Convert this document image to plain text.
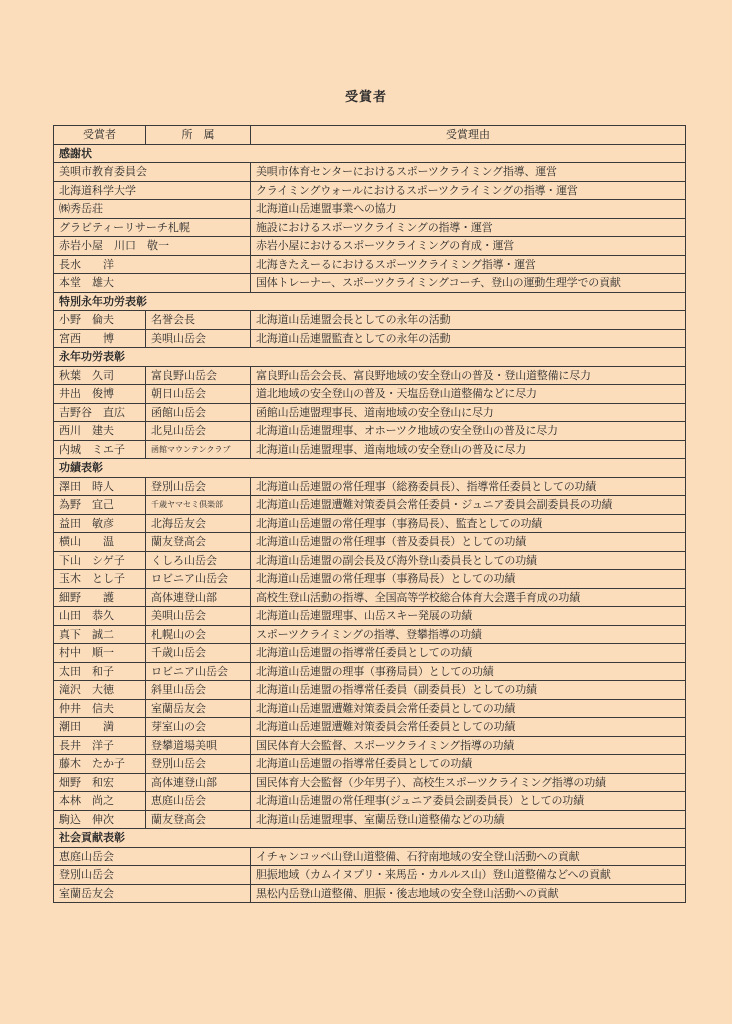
受賞者
受賞者	所　属	受賞理由
感謝状		
美唄市教育委員会		美唄市体育センターにおけるスポーツクライミング指導、運営
北海道科学大学		クライミングウォールにおけるスポーツクライミングの指導・運営
㈱秀岳荘		北海道山岳連盟事業への協力
グラビティーリサーチ札幌		施設におけるスポーツクライミングの指導・運営
赤岩小屋　川口　敬一		赤岩小屋におけるスポーツクライミングの育成・運営
長水　　洋		北海きたえーるにおけるスポーツクライミング指導・運営
本堂　雄大		国体トレーナー、スポーツクライミングコーチ、登山の運動生理学での貢献
特別永年功労表彰		
小野　倫夫	名誉会長	北海道山岳連盟会長としての永年の活動
宮西　　博	美唄山岳会	北海道山岳連盟監査としての永年の活動
永年功労表彰		
秋葉　久司	富良野山岳会	富良野山岳会会長、富良野地域の安全登山の普及・登山道整備に尽力
井出　俊博	朝日山岳会	道北地域の安全登山の普及・天塩岳登山道整備などに尽力
吉野谷　直広	函館山岳会	函館山岳連盟理事長、道南地域の安全登山に尽力
西川　建夫	北見山岳会	北海道山岳連盟理事、オホーツク地域の安全登山の普及に尽力
内城　ミエ子	函館マウンテンクラブ	北海道山岳連盟理事、道南地域の安全登山の普及に尽力
功績表彰		
澤田　時人	登別山岳会	北海道山岳連盟の常任理事（総務委員長）、指導常任委員としての功績
為野　宜己	千歳ヤマセミ倶楽部	北海道山岳連盟遭難対策委員会常任委員・ジュニア委員会副委員長の功績
益田　敏彦	北海岳友会	北海道山岳連盟の常任理事（事務局長）、監査としての功績
横山　　温	蘭友登高会	北海道山岳連盟の常任理事（普及委員長）としての功績
下山　シゲ子	くしろ山岳会	北海道山岳連盟の副会長及び海外登山委員長としての功績
玉木　とし子	ロビニア山岳会	北海道山岳連盟の常任理事（事務局長）としての功績
細野　　護	高体連登山部	高校生登山活動の指導、全国高等学校総合体育大会選手育成の功績
山田　恭久	美唄山岳会	北海道山岳連盟理事、山岳スキー発展の功績
真下　誠二	札幌山の会	スポーツクライミングの指導、登攀指導の功績
村中　順一	千歳山岳会	北海道山岳連盟の指導常任委員としての功績
太田　和子	ロビニア山岳会	北海道山岳連盟の理事（事務局員）としての功績
滝沢　大徳	斜里山岳会	北海道山岳連盟の指導常任委員（副委員長）としての功績
仲井　信夫	室蘭岳友会	北海道山岳連盟遭難対策委員会常任委員としての功績
潮田　　満	芽室山の会	北海道山岳連盟遭難対策委員会常任委員としての功績
長井　洋子	登攀道場美唄	国民体育大会監督、スポーツクライミング指導の功績
藤木　たか子	登別山岳会	北海道山岳連盟の指導常任委員としての功績
畑野　和宏	高体連登山部	国民体育大会監督（少年男子）、高校生スポーツクライミング指導の功績
本林　尚之	恵庭山岳会	北海道山岳連盟の常任理事(ジュニア委員会副委員長）としての功績
駒込　伸次	蘭友登高会	北海道山岳連盟理事、室蘭岳登山道整備などの功績
社会貢献表彰		
恵庭山岳会		イチャンコッペ山登山道整備、石狩南地域の安全登山活動への貢献
登別山岳会		胆振地域（カムイヌプリ・来馬岳・カルルス山）登山道整備などへの貢献
室蘭岳友会		黒松内岳登山道整備、胆振・後志地域の安全登山活動への貢献
